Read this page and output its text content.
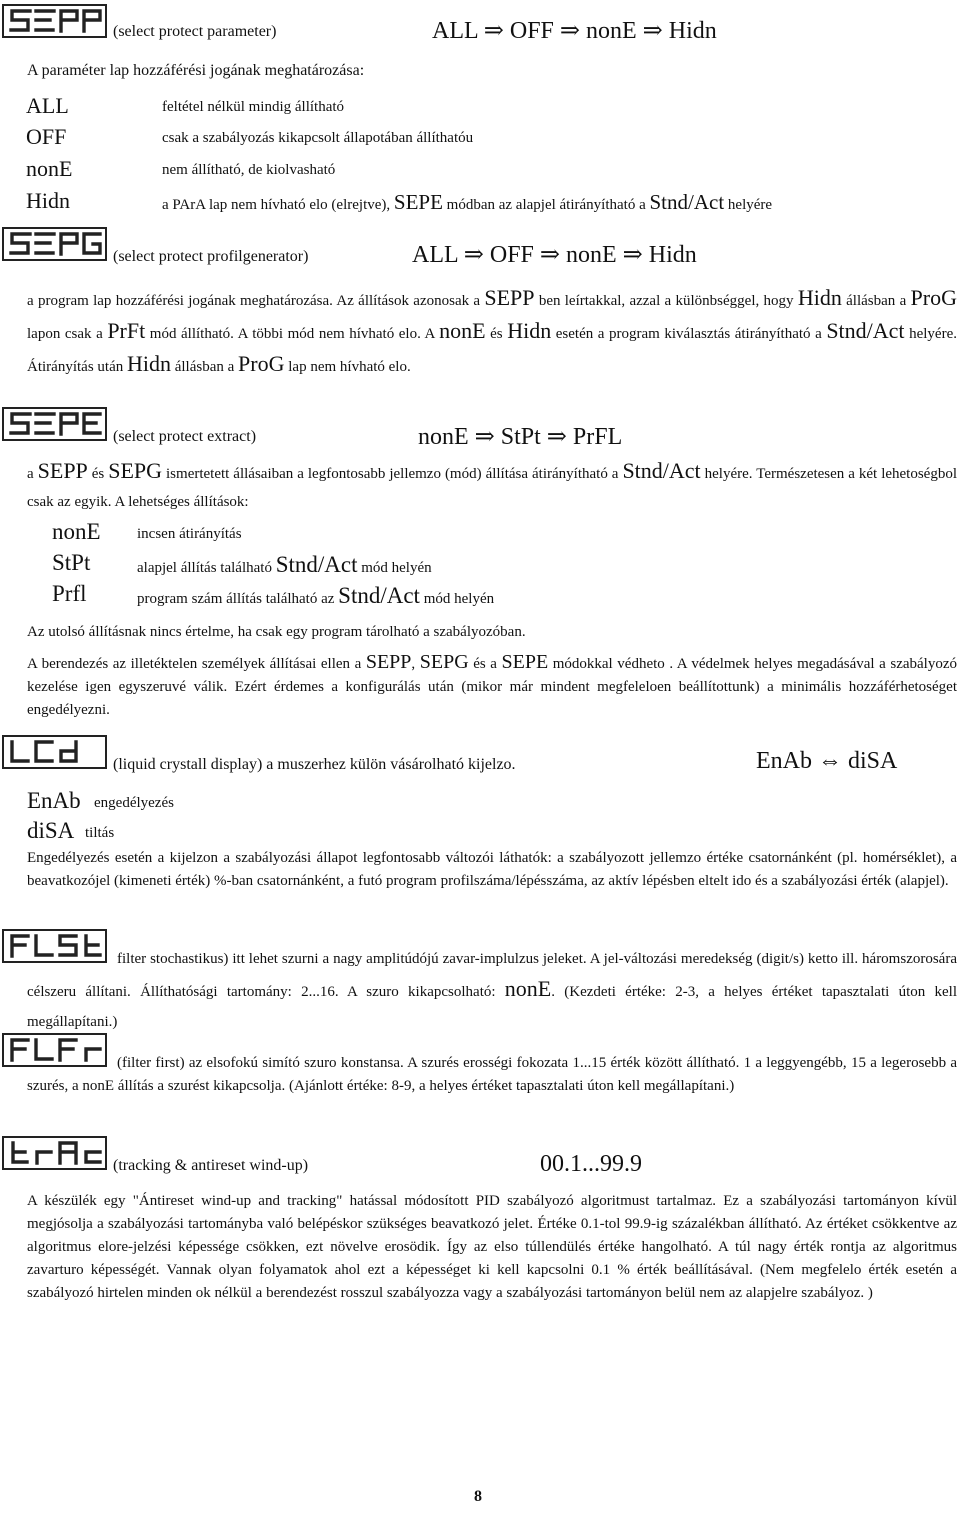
(select protect parameter)	ALL ⇒ OFF ⇒ nonE ⇒ Hidn
A paraméter lap hozzáférési jogának meghatározása:
ALL	feltétel nélkül mindig állítható
OFF	csak a szabályozás kikapcsolt állapotában állíthatóu
nonE	nem állítható, de kiolvasható
Hidn	a PArA lap nem hívható elo (elrejtve), SEPE módban az alapjel átirányítható a Stnd/Act helyére
(select protect profilgenerator)	ALL ⇒ OFF ⇒ nonE ⇒ Hidn
a program lap hozzáférési jogának meghatározása. Az állítások azonosak a SEPP ben leírtakkal, azzal a különbséggel, hogy Hidn állásban a ProG lapon csak a PrFt mód állítható. A többi mód nem hívható elo. A nonE és Hidn esetén a program kiválasztás átirányítható a Stnd/Act helyére. Átirányítás után Hidn állásban a ProG lap nem hívható elo.
(select protect extract)	nonE ⇒ StPt ⇒ PrFL
a SEPP és SEPG ismertetett állásaiban a legfontosabb jellemzo (mód) állítása átirányítható a Stnd/Act helyére. Természetesen a két lehetoségbol csak az egyik. A lehetséges állítások:
nonE incsen átirányítás
StPt	alapjel állítás található Stnd/Act mód helyén
Prfl	program szám állítás található az Stnd/Act mód helyén
Az utolsó állításnak nincs értelme, ha csak egy program tárolható a szabályozóban.
A berendezés az illetéktelen személyek állításai ellen a SEPP, SEPG és a SEPE módokkal védheto . A védelmek helyes megadásával a szabályozó kezelése igen egyszeruvé válik. Ezért érdemes a konfigurálás után (mikor már mindent megfeleloen beállítottunk) a minimális hozzáférhetoséget engedélyezni.
(liquid crystall display) a muszerhez külön vásárolható kijelzo.	EnAb ⇔ diSA
EnAb engedélyezés
diSA tiltás
Engedélyezés esetén a kijelzon a szabályozási állapot legfontosabb változói láthatók: a szabályozott jellemzo értéke csatornánként (pl. homérséklet), a beavatkozójel (kimeneti érték) %-ban csatornánként, a futó program profilszáma/lépésszáma, az aktív lépésben eltelt ido és a szabályozási érték (alapjel).
filter stochastikus) itt lehet szurni a nagy amplitúdójú zavar-implulzus jeleket. A jel-változási meredekség (digit/s) ketto ill. háromszorosára célszeru állítani. Állíthatósági tartomány: 2...16. A szuro kikapcsolható: nonE. (Kezdeti értéke: 2-3, a helyes értéket tapasztalati úton kell megállapítani.)
(filter first) az elsofokú simító szuro konstansa. A szurés erosségi fokozata 1...15 érték között állítható. 1 a leggyengébb, 15 a legerosebb a szurés, a nonE állítás a szurést kikapcsolja. (Ajánlott értéke: 8-9, a helyes értéket tapasztalati úton kell megállapítani.)
(tracking & antireset wind-up)	00.1...99.9
A készülék egy "Ántireset wind-up and tracking" hatással módosított PID szabályozó algoritmust tartalmaz. Ez a szabályozási tartományon kívül megjósolja a szabályozási tartományba való belépéskor szükséges beavatkozó jelet. Értéke 0.1-tol 99.9-ig százalékban állítható. Az értéket csökkentve az algoritmus elore-jelzési képessége csökken, ezt növelve erosödik. Így az elso túllendülés értéke hangolható. A túl nagy érték rontja az algoritmus zavarturo képességét. Vannak olyan folyamatok ahol ezt a képességet ki kell kapcsolni 0.1 % érték beállításával. (Nem megfelelo érték esetén a szabályozó hirtelen minden ok nélkül a berendezést rosszul szabályozza vagy a szabályozási tartományon belül nem az alapjelre szabályoz. )
8
